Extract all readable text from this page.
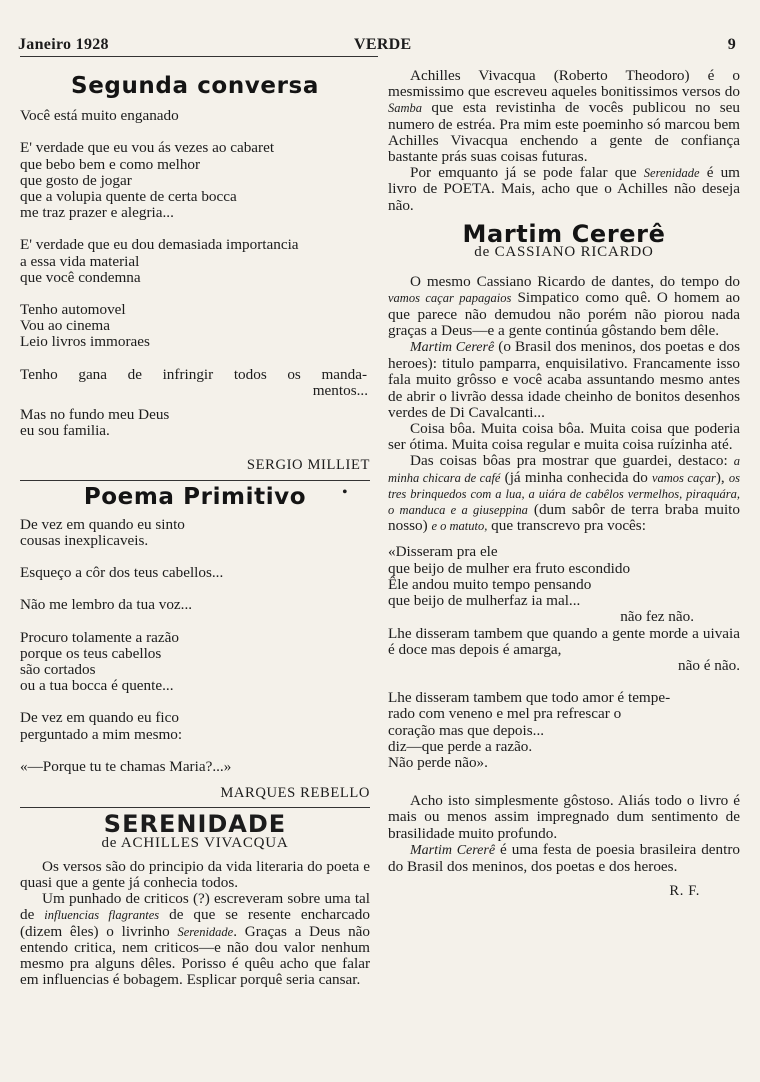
Janeiro 1928	VERDE	9
Segunda conversa
Você está muito enganado
E' verdade que eu vou ás vezes ao cabaret
que bebo bem e como melhor
que gosto de jogar
que a volupia quente de certa bocca
me traz prazer e alegria...
E' verdade que eu dou demasiada importancia
a essa vida material
que você condemna
Tenho automovel
Vou ao cinema
Leio livros immoraes

Tenho gana de infringir todos os manda-

mentos...

Mas no fundo meu Deus
eu sou familia.

SERGIO MILLIET

Poema Primitivo
De vez em quando eu sinto
cousas inexplicaveis.
Esqueço a côr dos teus cabellos...
Não me lembro da tua voz...
Procuro tolamente a razão
porque os teus cabellos
são cortados
ou a tua bocca é quente...
De vez em quando eu fico
perguntado a mim mesmo:
«—Porque tu te chamas Maria?...»

MARQUES REBELLO

SERENIDADE

de ACHILLES VIVACQUA

Os versos são do principio da vida literaria do poeta e quasi que a gente já conhecia todos.

Um punhado de criticos (?) escreveram sobre uma tal de influencias flagrantes de que se resente encharcado (dizem êles) o livrinho Serenidade. Graças a Deus não entendo critica, nem criticos—e não dou valor nenhum mesmo pra alguns dêles. Porisso é quêu acho que falar em influencias é bobagem. Esplicar porquê seria cansar.

•

Achilles Vivacqua (Roberto Theodoro) é o mesmissimo que escreveu aqueles bonitissimos versos do Samba que esta revistinha de vocês publicou no seu numero de estréa. Pra mim este poeminho só marcou bem Achilles Vivacqua enchendo a gente de confiança bastante prás suas coisas futuras.

Por emquanto já se pode falar que Serenidade é um livro de POETA. Mais, acho que o Achilles não deseja não.

Martim Cererê

de CASSIANO RICARDO

O mesmo Cassiano Ricardo de dantes, do tempo do vamos caçar papagaios Simpatico como quê. O homem ao que parece não demudou não porém não piorou nada graças a Deus—e a gente continúa gôstando bem dêle.

Martim Cererê (o Brasil dos meninos, dos poetas e dos heroes): titulo pamparra, enquisilativo. Francamente isso fala muito grôsso e você acaba assuntando mesmo antes de abrir o livrão dessa idade cheinho de bonitos desenhos verdes de Di Cavalcanti...

Coisa bôa. Muita coisa bôa. Muita coisa que poderia ser ótima. Muita coisa regular e muita coisa ruízinha até.

Das coisas bôas pra mostrar que guardei, destaco: a minha chicara de café (já minha conhecida do vamos caçar), os tres brinquedos com a lua, a uiára de cabêlos vermelhos, piraquára, o manduca e a giuseppina (dum sabôr de terra braba muito nosso) e o matuto, que transcrevo pra vocês:

«Disseram pra ele
que beijo de mulher era fruto escondido
Êle andou muito tempo pensando
que beijo de mulherfaz ia mal...

não fez não.

Lhe disseram tambem que quando a gente morde a uivaia é doce mas depois é amarga,

não é não.

Lhe disseram tambem que todo amor é tempe-
rado com veneno e mel pra refrescar o
coração mas que depois...
diz—que perde a razão.
Não perde não».

Acho isto simplesmente gôstoso. Aliás todo o livro é mais ou menos assim impregnado dum sentimento de brasilidade muito profundo.

Martim Cererê é uma festa de poesia brasileira dentro do Brasil dos meninos, dos poetas e dos heroes.

R. F.
